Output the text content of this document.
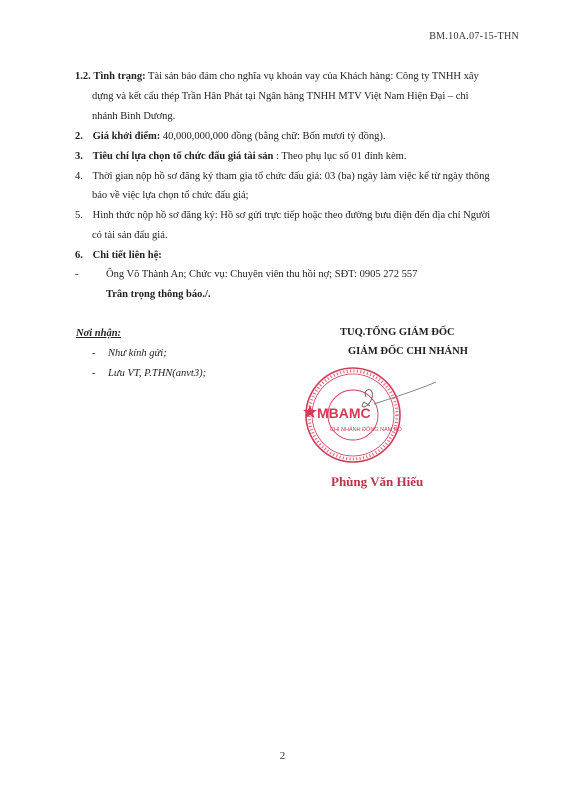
BM.10A.07-15-THN
1.2. Tình trạng: Tài sản bảo đảm cho nghĩa vụ khoản vay của Khách hàng: Công ty TNHH xây
dựng và kết cấu thép Trần Hân Phát tại Ngân hàng TNHH MTV Việt Nam Hiện Đại – chi
nhánh Bình Dương.
2. Giá khởi điểm: 40,000,000,000 đồng (bằng chữ: Bốn mươi tỷ đồng).
3. Tiêu chí lựa chọn tổ chức đấu giá tài sản : Theo phụ lục số 01 đính kèm.
4. Thời gian nộp hồ sơ đăng ký tham gia tổ chức đấu giá: 03 (ba) ngày làm việc kể từ ngày thông
báo về việc lựa chọn tổ chức đấu giá;
5. Hình thức nộp hồ sơ đăng ký: Hồ sơ gửi trực tiếp hoặc theo đường bưu điện đến địa chỉ Người
có tài sản đấu giá.
6. Chi tiết liên hệ:
-	Ông Võ Thành An; Chức vụ: Chuyên viên thu hồi nợ; SĐT: 0905 272 557
Trân trọng thông báo./.
Nơi nhận:
- Như kính gửi;
- Lưu VT, P.THN(anvt3);
TUQ.TỔNG GIÁM ĐỐC
GIÁM ĐỐC CHI NHÁNH
MBAMC
CHI NHÁNH ĐÔNG NAM BỘ
Phùng Văn Hiếu
2
